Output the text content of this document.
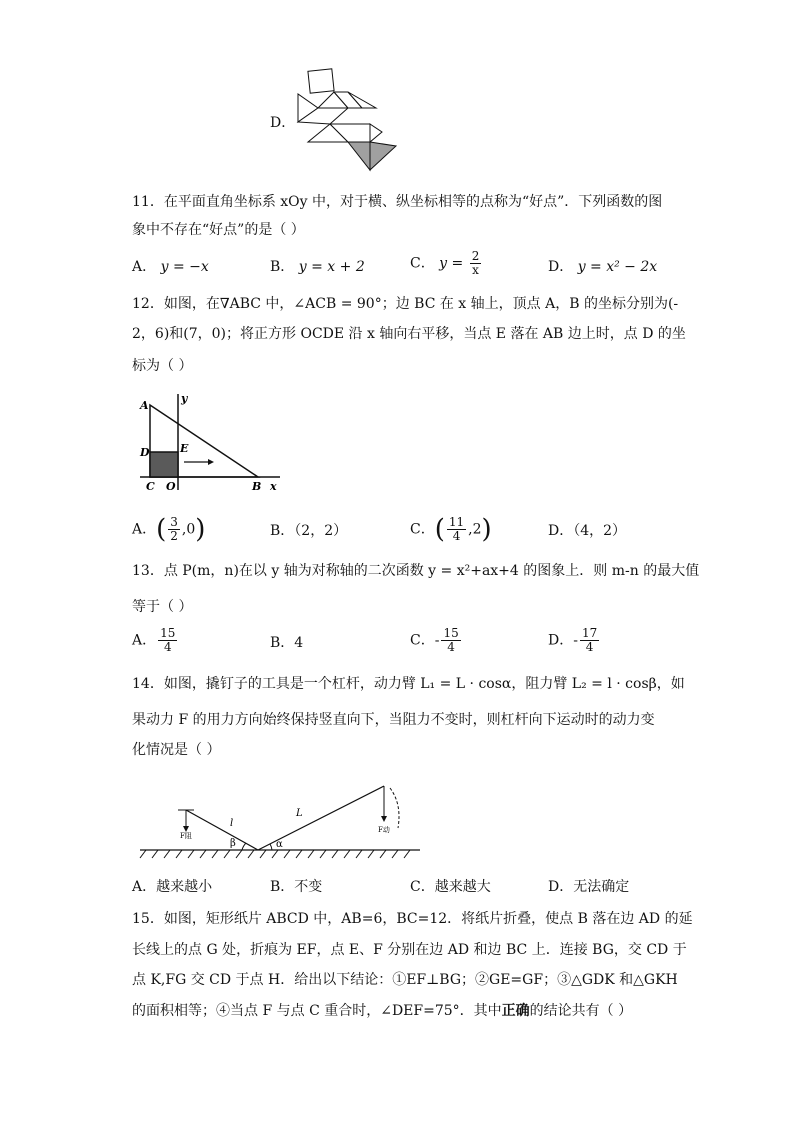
D．
11．在平面直角坐标系 xOy 中，对于横、纵坐标相等的点称为“好点”．下列函数的图
象中不存在“好点”的是（ ）
A． y = −x	B． y = x + 2	C． $y = \frac{2}{x}$	D． y = x² − 2x
12．如图，在∇ABC 中，∠ACB = 90°；边 BC 在 x 轴上，顶点 A，B 的坐标分别为(-
2，6)和(7，0)；将正方形 OCDE 沿 x 轴向右平移，当点 E 落在 AB 边上时，点 D 的坐
标为（ ）
A
D	E
C O	B x
y
A．( $\frac{3}{2} ,0$)	B．（2，2）	C．( $\frac{11}{4} ,2$)	D．（4，2）
13．点 P(m，n)在以 y 轴为对称轴的二次函数 y = x²+ax+4 的图象上．则 m-n 的最大值
等于（ ）
A． $\frac{15}{4}$	B．4	C．- $\frac{15}{4}$	D．- $\frac{17}{4}$
14．如图，撬钉子的工具是一个杠杆，动力臂 L₁ = L · cosα，阻力臂 L₂ = l · cosβ，如
果动力 F 的用力方向始终保持竖直向下，当阻力不变时，则杠杆向下运动时的动力变
化情况是（ ）
l
L
β	α
F阻
F动
A．越来越小	B．不变	C．越来越大	D．无法确定
15．如图，矩形纸片 ABCD 中，AB=6，BC=12．将纸片折叠，使点 B 落在边 AD 的延
长线上的点 G 处，折痕为 EF，点 E、F 分别在边 AD 和边 BC 上．连接 BG，交 CD 于
点 K,FG 交 CD 于点 H．给出以下结论：①EF⊥BG；②GE=GF；③△GDK 和△GKH
的面积相等；④当点 F 与点 C 重合时，∠DEF=75°．其中正确的结论共有（ ）
